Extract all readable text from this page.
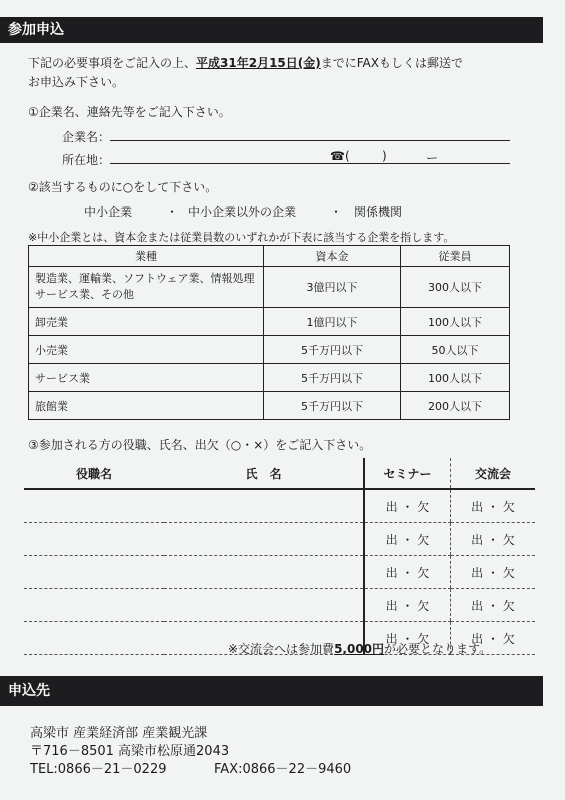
参加申込
下記の必要事項をご記入の上、平成31年2月15日(金)までにFAXもしくは郵送で
お申込み下さい。
①企業名、連絡先等をご記入下さい。
企業名：
所在地：	☎(	)	ー
②該当するものに○をして下さい。
中小企業	・ 中小企業以外の企業	・ 関係機関
※中小企業とは、資本金または従業員数のいずれかが下表に該当する企業を指します。
業種	資本金	従業員

製造業、運輸業、ソフトウェア業、情報処理
サービス業、その他	3億円以下	300人以下
卸売業	1億円以下	100人以下
小売業	5千万円以下	50人以下
サービス業	5千万円以下	100人以下
旅館業	5千万円以下	200人以下
③参加される方の役職、氏名、出欠（○・×）をご記入下さい。
役職名	氏　名	セミナー	交流会
		出 ・ 欠	出 ・ 欠
		出 ・ 欠	出 ・ 欠
		出 ・ 欠	出 ・ 欠
		出 ・ 欠	出 ・ 欠
		出 ・ 欠	出 ・ 欠
※交流会へは参加費5,000円が必要となります。
申込先
高梁市 産業経済部 産業観光課
〒716－8501 高梁市松原通2043
TEL:0866－21－0229	FAX:0866－22－9460
